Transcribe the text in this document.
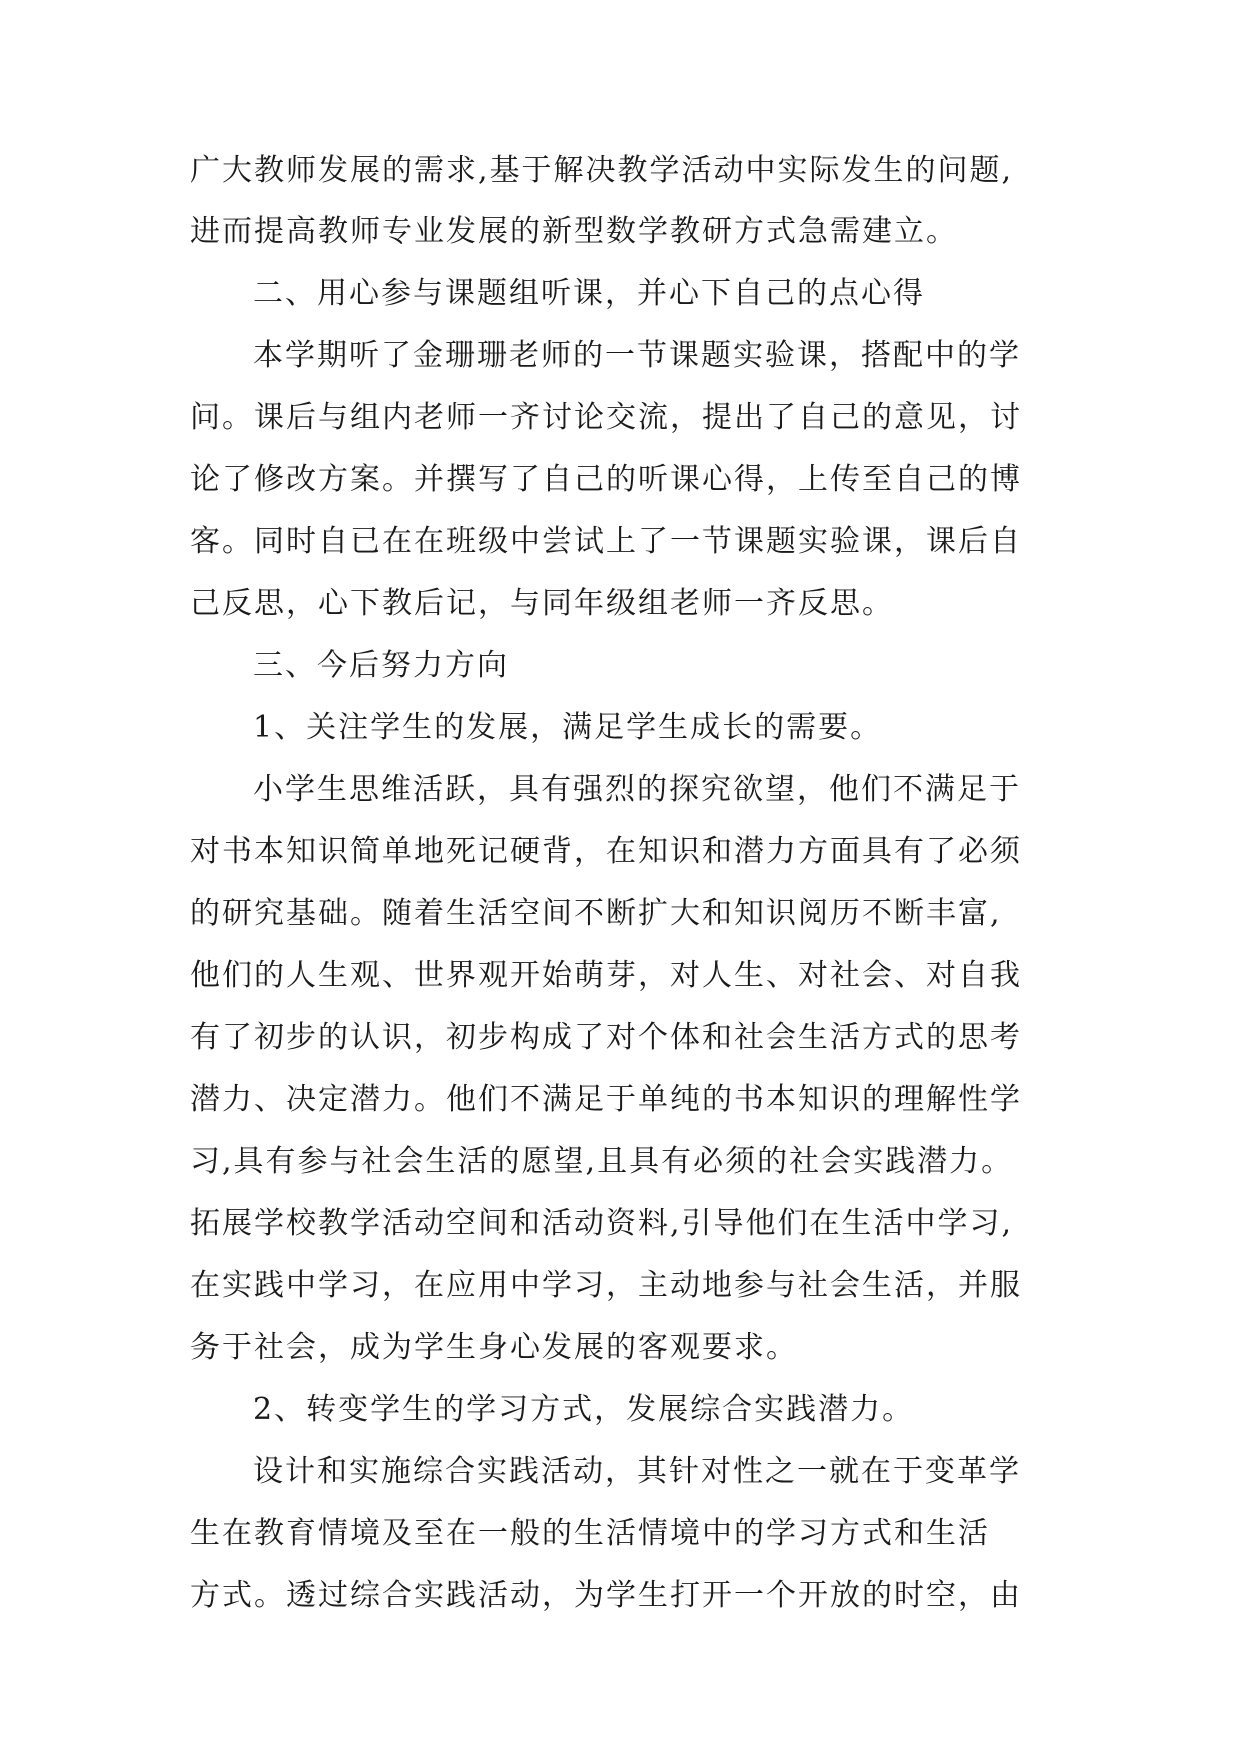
广大教师发展的需求,基于解决教学活动中实际发生的问题,

进而提高教师专业发展的新型数学教研方式急需建立。

二、用心参与课题组听课，并心下自己的点心得

本学期听了金珊珊老师的一节课题实验课，搭配中的学

问。课后与组内老师一齐讨论交流，提出了自己的意见，讨

论了修改方案。并撰写了自己的听课心得，上传至自己的博

客。同时自已在在班级中尝试上了一节课题实验课，课后自

己反思，心下教后记，与同年级组老师一齐反思。

三、今后努力方向

1、关注学生的发展，满足学生成长的需要。

小学生思维活跃，具有强烈的探究欲望，他们不满足于

对书本知识简单地死记硬背，在知识和潜力方面具有了必须

的研究基础。随着生活空间不断扩大和知识阅历不断丰富,

他们的人生观、世界观开始萌芽，对人生、对社会、对自我

有了初步的认识，初步构成了对个体和社会生活方式的思考

潜力、决定潜力。他们不满足于单纯的书本知识的理解性学

习,具有参与社会生活的愿望,且具有必须的社会实践潜力。

拓展学校教学活动空间和活动资料,引导他们在生活中学习,

在实践中学习，在应用中学习，主动地参与社会生活，并服

务于社会，成为学生身心发展的客观要求。

2、转变学生的学习方式，发展综合实践潜力。

设计和实施综合实践活动，其针对性之一就在于变革学

生在教育情境及至在一般的生活情境中的学习方式和生活

方式。透过综合实践活动，为学生打开一个开放的时空，由
